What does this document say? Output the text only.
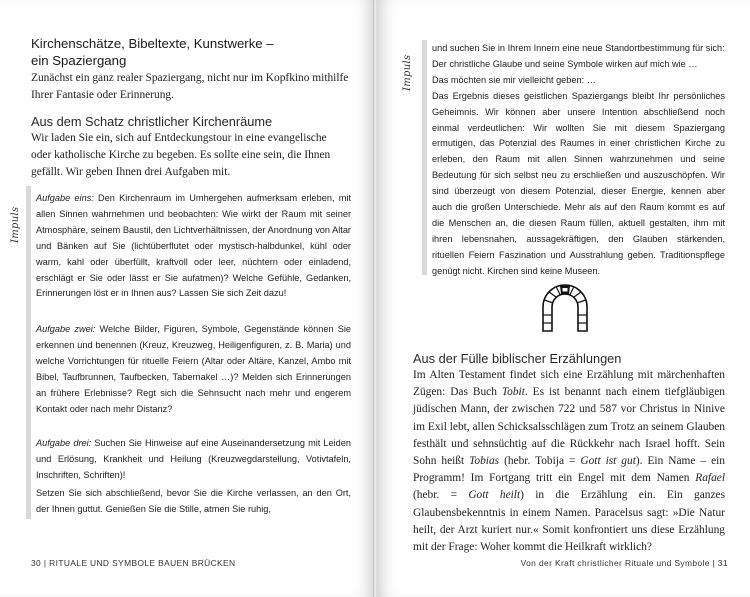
Kirchenschätze, Bibeltexte, Kunstwerke –
ein Spaziergang

Zunächst ein ganz realer Spaziergang, nicht nur im Kopfkino mithilfe Ihrer Fantasie oder Erinnerung.

Aus dem Schatz christlicher Kirchenräume

Wir laden Sie ein, sich auf Entdeckungstour in eine evangelische oder katholische Kirche zu begeben. Es sollte eine sein, die Ihnen gefällt. Wir geben Ihnen drei Aufgaben mit.

Impuls

Aufgabe eins: Den Kirchenraum im Umhergehen aufmerksam erleben, mit allen Sinnen wahrnehmen und beobachten: Wie wirkt der Raum mit seiner Atmosphäre, seinem Baustil, den Lichtverhältnissen, der Anordnung von Altar und Bänken auf Sie (lichtüberflutet oder mystisch-halbdunkel, kühl oder warm, kahl oder überfüllt, kraftvoll oder leer, nüchtern oder einladend, erschlägt er Sie oder lässt er Sie aufatmen)? Welche Gefühle, Gedanken, Erinnerungen löst er in Ihnen aus? Lassen Sie sich Zeit dazu!

Aufgabe zwei: Welche Bilder, Figuren, Symbole, Gegenstände können Sie erkennen und benennen (Kreuz, Kreuzweg, Heiligenfiguren, z. B. Maria) und welche Vorrichtungen für rituelle Feiern (Altar oder Altäre, Kanzel, Ambo mit Bibel, Taufbrunnen, Taufbecken, Tabernakel …)? Melden sich Erinnerungen an frühere Erlebnisse? Regt sich die Sehnsucht nach mehr und engerem Kontakt oder nach mehr Distanz?

Aufgabe drei: Suchen Sie Hinweise auf eine Auseinandersetzung mit Leiden und Erlösung, Krankheit und Heilung (Kreuzwegdarstellung, Votivtafeln, Inschriften, Schriften)!

Setzen Sie sich abschließend, bevor Sie die Kirche verlassen, an den Ort, der Ihnen guttut. Genießen Sie die Stille, atmen Sie ruhig,

30 | RITUALE UND SYMBOLE BAUEN BRÜCKEN
Impuls

und suchen Sie in Ihrem Innern eine neue Standortbestimmung für sich:

Der christliche Glaube und seine Symbole wirken auf mich wie …

Das möchten sie mir vielleicht geben: …

Das Ergebnis dieses geistlichen Spaziergangs bleibt Ihr persönliches Geheimnis. Wir können aber unsere Intention abschließend noch einmal verdeutlichen: Wir wollten Sie mit diesem Spaziergang ermutigen, das Potenzial des Raumes in einer christlichen Kirche zu erleben, den Raum mit allen Sinnen wahrzunehmen und seine Bedeutung für sich selbst neu zu erschließen und auszuschöpfen. Wir sind überzeugt von diesem Potenzial, dieser Energie, kennen aber auch die großen Unterschiede. Mehr als auf den Raum kommt es auf die Menschen an, die diesen Raum füllen, aktuell gestalten, ihm mit ihren lebensnahen, aussagekräftigen, den Glauben stärkenden, rituellen Feiern Faszination und Ausstrahlung geben. Traditionspflege genügt nicht. Kirchen sind keine Museen.

Aus der Fülle biblischer Erzählungen

Im Alten Testament findet sich eine Erzählung mit märchenhaften Zügen: Das Buch Tobit. Es ist benannt nach einem tiefgläubigen jüdischen Mann, der zwischen 722 und 587 vor Christus in Ninive im Exil lebt, allen Schicksalsschlägen zum Trotz an seinem Glauben festhält und sehnsüchtig auf die Rückkehr nach Israel hofft. Sein Sohn heißt Tobias (hebr. Tobija = Gott ist gut). Ein Name – ein Programm! Im Fortgang tritt ein Engel mit dem Namen Rafael (hebr. = Gott heilt) in die Erzählung ein. Ein ganzes Glaubensbekenntnis in einem Namen. Paracelsus sagt: »Die Natur heilt, der Arzt kuriert nur.« Somit konfrontiert uns diese Erzählung mit der Frage: Woher kommt die Heilkraft wirklich?

Von der Kraft christlicher Rituale und Symbole | 31
